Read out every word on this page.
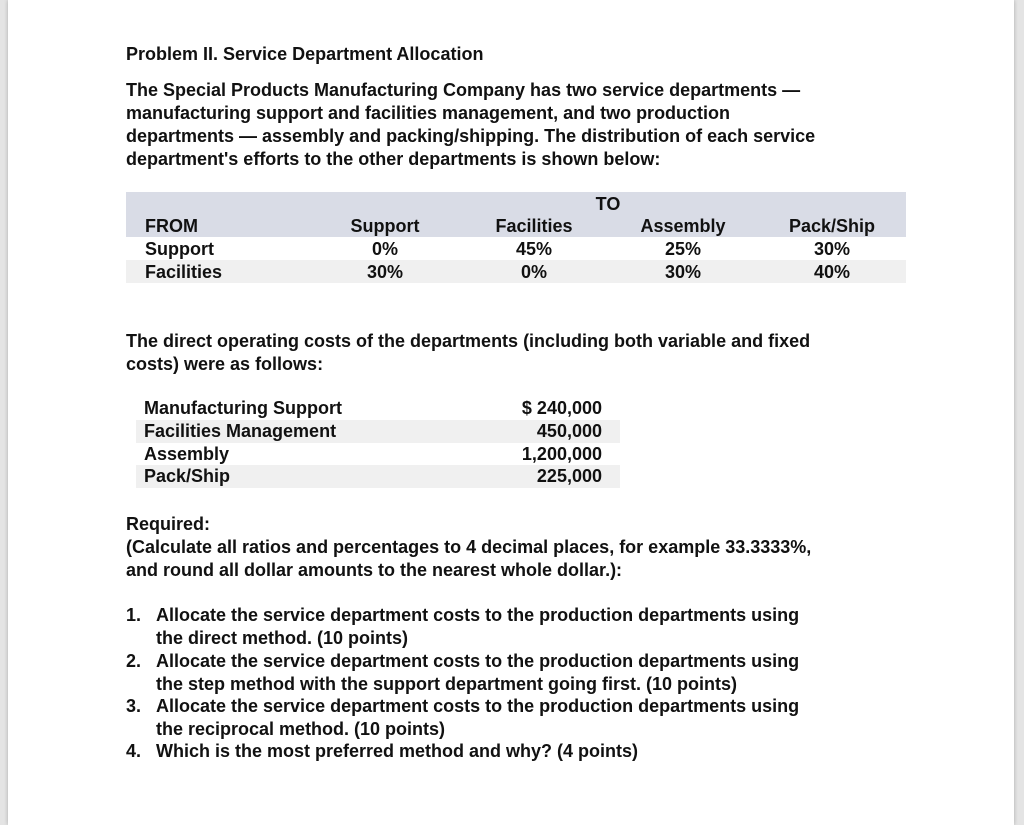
Problem II. Service Department Allocation
The Special Products Manufacturing Company has two service departments —
manufacturing support and facilities management, and two production
departments — assembly and packing/shipping. The distribution of each service
department's efforts to the other departments is shown below:
TO
FROM	Support	Facilities	Assembly	Pack/Ship
Support	0%	45%	25%	30%
Facilities	30%	0%	30%	40%
The direct operating costs of the departments (including both variable and fixed
costs) were as follows:
Manufacturing Support	$ 240,000
Facilities Management	450,000
Assembly	1,200,000
Pack/Ship	225,000
Required:
(Calculate all ratios and percentages to 4 decimal places, for example 33.3333%,
and round all dollar amounts to the nearest whole dollar.):
1. Allocate the service department costs to the production departments using
the direct method. (10 points)
2. Allocate the service department costs to the production departments using
the step method with the support department going first. (10 points)
3. Allocate the service department costs to the production departments using
the reciprocal method. (10 points)
4. Which is the most preferred method and why? (4 points)
